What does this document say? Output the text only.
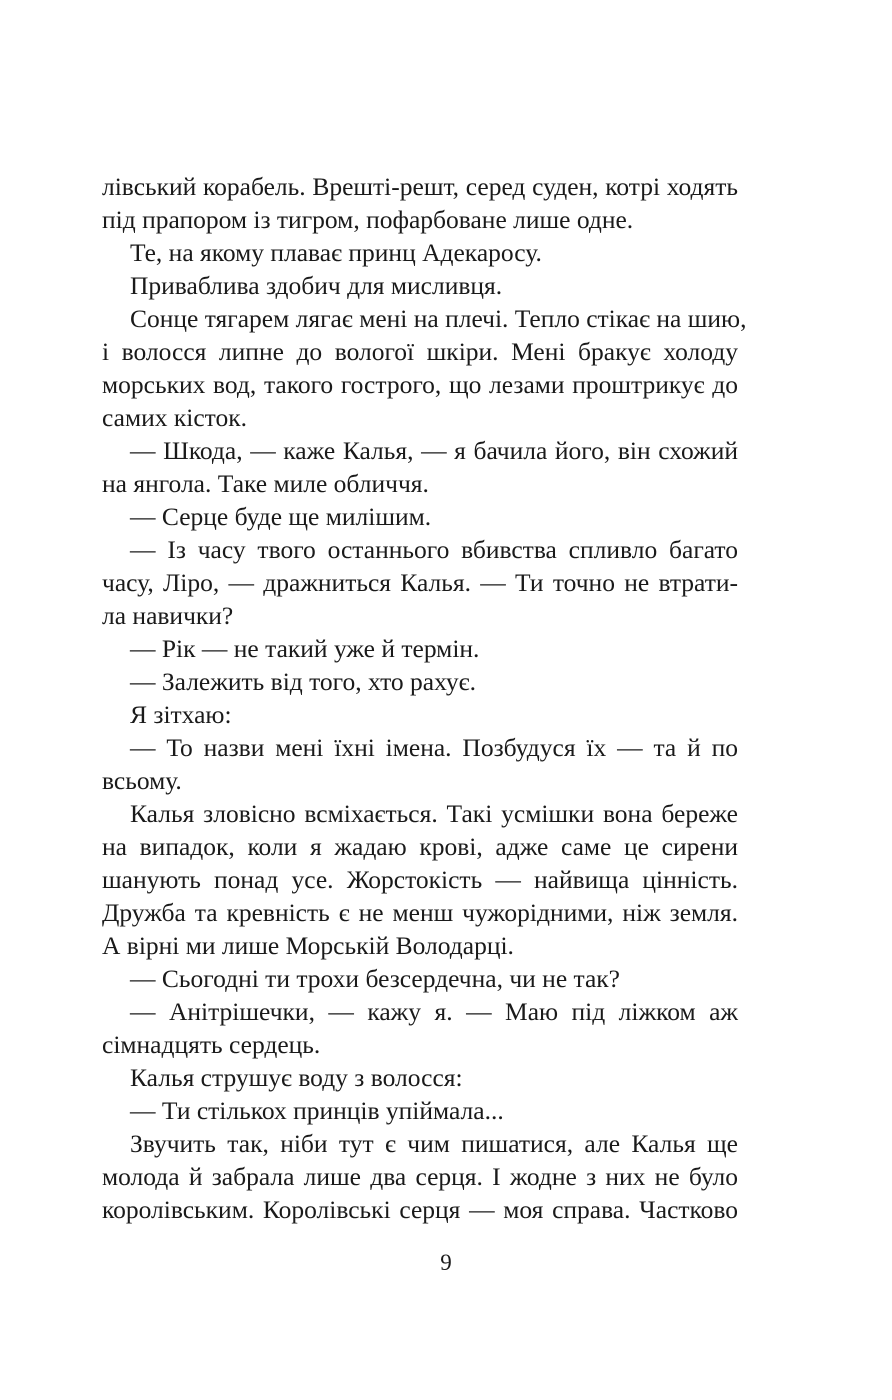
лівський корабель. Врешті-решт, серед суден, котрі ходять
під прапором із тигром, пофарбоване лише одне.
Те, на якому плаває принц Адекаросу.
Приваблива здобич для мисливця.
Сонце тягарем лягає мені на плечі. Тепло стікає на шию,
і волосся липне до вологої шкіри. Мені бракує холоду
морських вод, такого гострого, що лезами проштрикує до
самих кісток.
— Шкода, — каже Калья, — я бачила його, він схожий
на янгола. Таке миле обличчя.
— Серце буде ще милішим.
— Із часу твого останнього вбивства спливло багато
часу, Ліро, — дражниться Калья. — Ти точно не втрати-
ла навички?
— Рік — не такий уже й термін.
— Залежить від того, хто рахує.
Я зітхаю:
— То назви мені їхні імена. Позбудуся їх — та й по
всьому.
Калья зловісно всміхається. Такі усмішки вона береже
на випадок, коли я жадаю крові, адже саме це сирени
шанують понад усе. Жорстокість — найвища цінність.
Дружба та кревність є не менш чужорідними, ніж земля.
А вірні ми лише Морській Володарці.
— Сьогодні ти трохи безсердечна, чи не так?
— Анітрішечки, — кажу я. — Маю під ліжком аж
сімнадцять сердець.
Калья струшує воду з волосся:
— Ти стількох принців упіймала...
Звучить так, ніби тут є чим пишатися, але Калья ще
молода й забрала лише два серця. І жодне з них не було
королівським. Королівські серця — моя справа. Частково
9
